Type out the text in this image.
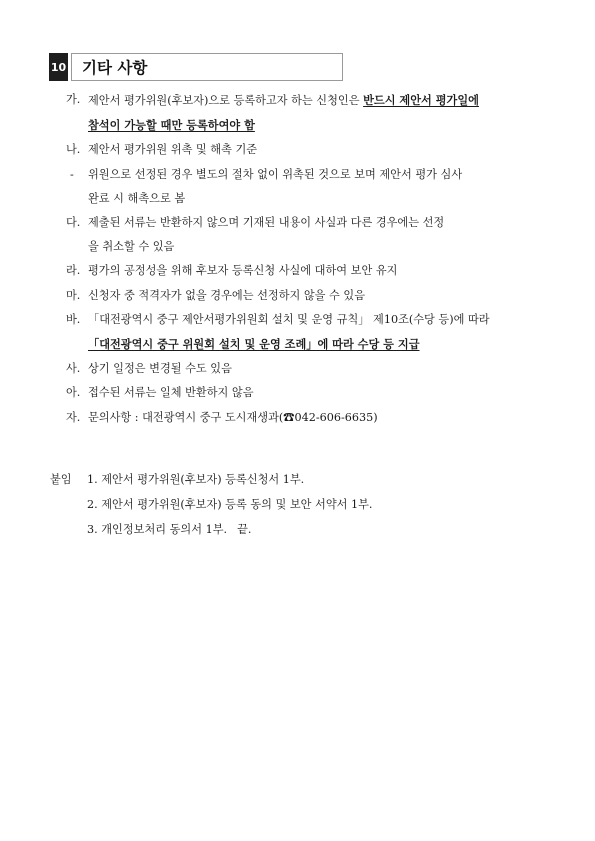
10	기타 사항
가. 제안서 평가위원(후보자)으로 등록하고자 하는 신청인은 반드시 제안서 평가일에
참석이 가능할 때만 등록하여야 함
나. 제안서 평가위원 위촉 및 해촉 기준
- 위원으로 선정된 경우 별도의 절차 없이 위촉된 것으로 보며 제안서 평가 심사
완료 시 해촉으로 봄
다. 제출된 서류는 반환하지 않으며 기재된 내용이 사실과 다른 경우에는 선정
을 취소할 수 있음
라. 평가의 공정성을 위해 후보자 등록신청 사실에 대하여 보안 유지
마. 신청자 중 적격자가 없을 경우에는 선정하지 않을 수 있음
바. 「대전광역시 중구 제안서평가위원회 설치 및 운영 규칙」 제10조(수당 등)에 따라
「대전광역시 중구 위원회 설치 및 운영 조례」에 따라 수당 등 지급
사. 상기 일정은 변경될 수도 있음
아. 접수된 서류는 일체 반환하지 않음
자. 문의사항 : 대전광역시 중구 도시재생과(☎042-606-6635)
붙임 1. 제안서 평가위원(후보자) 등록신청서 1부.
2. 제안서 평가위원(후보자) 등록 동의 및 보안 서약서 1부.
3. 개인정보처리 동의서 1부. 끝.
